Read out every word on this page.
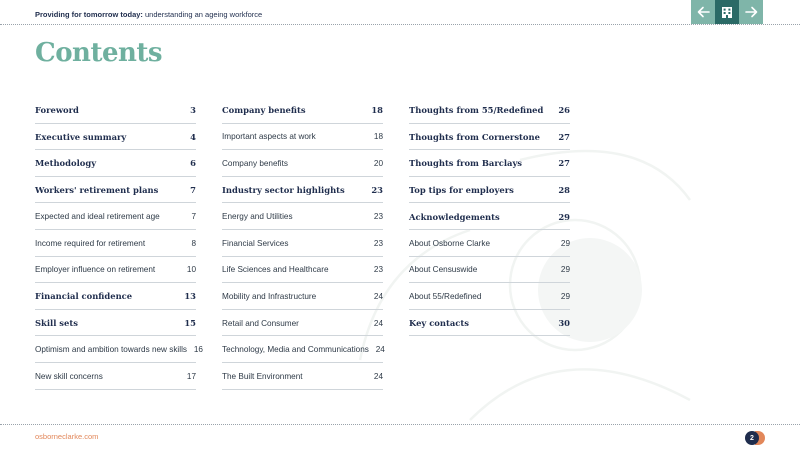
Providing for tomorrow today: understanding an ageing workforce
Contents
Foreword	3
Executive summary	4
Methodology	6
Workers' retirement plans	7
Expected and ideal retirement age	7
Income required for retirement	8
Employer influence on retirement	10
Financial confidence	13
Skill sets	15
Optimism and ambition towards new skills 16
New skill concerns	17
Company benefits	18
Important aspects at work	18
Company benefits	20
Industry sector highlights	23
Energy and Utilities	23
Financial Services	23
Life Sciences and Healthcare	23
Mobility and Infrastructure	24
Retail and Consumer	24
Technology, Media and Communications 24
The Built Environment	24
Thoughts from 55/Redefined	26
Thoughts from Cornerstone	27
Thoughts from Barclays	27
Top tips for employers	28
Acknowledgements	29
About Osborne Clarke	29
About Censuswide	29
About 55/Redefined	29
Key contacts	30
osborneclarke.com	2
